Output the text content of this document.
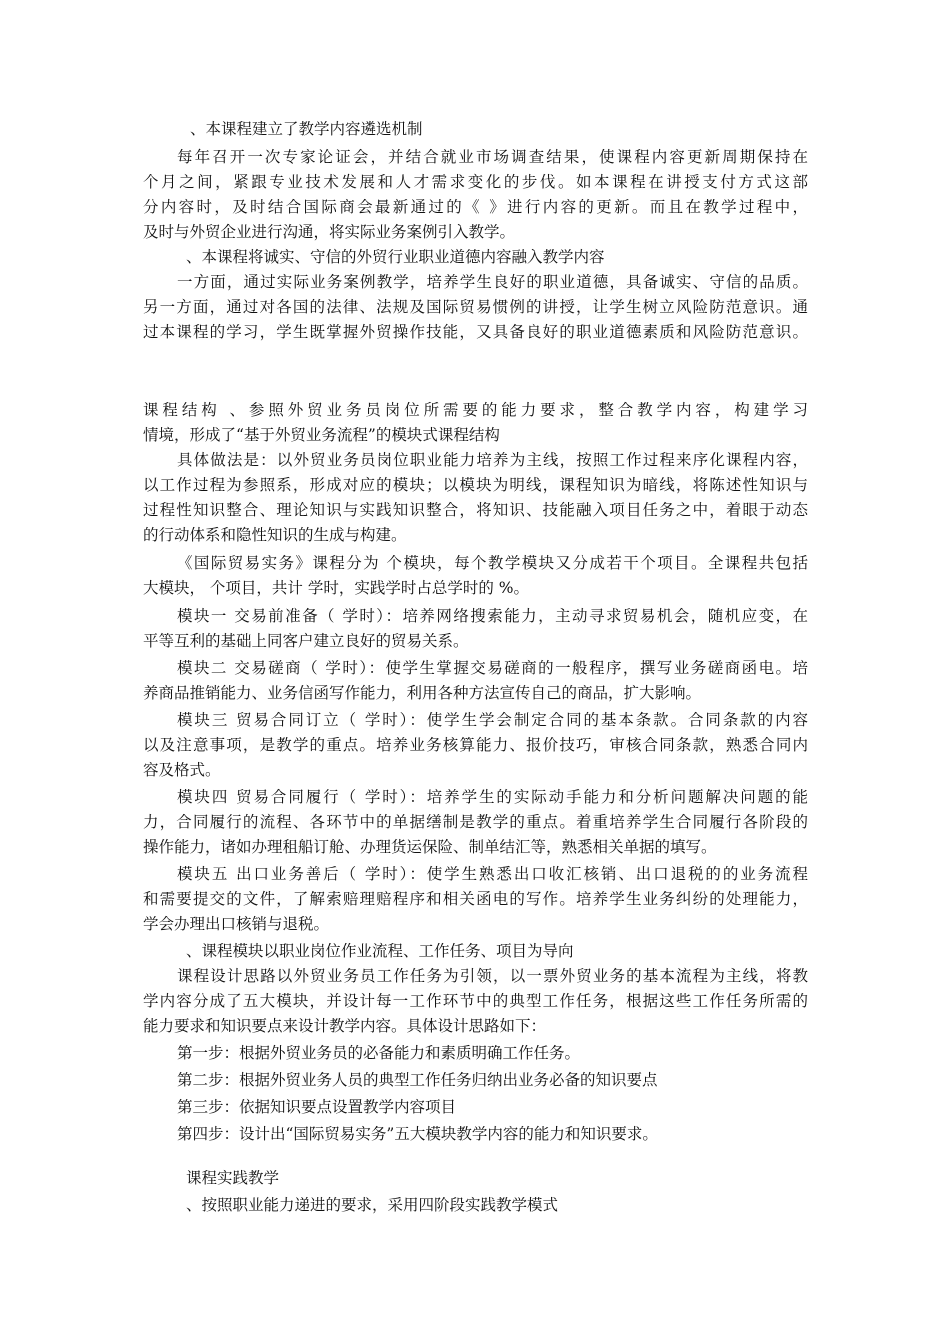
、本课程建立了教学内容遴选机制
每年召开一次专家论证会，并结合就业市场调查结果，使课程内容更新周期保持在
个月之间，紧跟专业技术发展和人才需求变化的步伐。如本课程在讲授支付方式这部
分内容时，及时结合国际商会最新通过的《 》进行内容的更新。而且在教学过程中，
及时与外贸企业进行沟通，将实际业务案例引入教学。
、本课程将诚实、守信的外贸行业职业道德内容融入教学内容
一方面，通过实际业务案例教学，培养学生良好的职业道德，具备诚实、守信的品质。
另一方面，通过对各国的法律、法规及国际贸易惯例的讲授，让学生树立风险防范意识。通
过本课程的学习，学生既掌握外贸操作技能，又具备良好的职业道德素质和风险防范意识。
课程结构 、参照外贸业务员岗位所需要的能力要求，整合教学内容，构建学习
情境，形成了“基于外贸业务流程”的模块式课程结构
具体做法是：以外贸业务员岗位职业能力培养为主线，按照工作过程来序化课程内容，
以工作过程为参照系，形成对应的模块；以模块为明线，课程知识为暗线，将陈述性知识与
过程性知识整合、理论知识与实践知识整合，将知识、技能融入项目任务之中，着眼于动态
的行动体系和隐性知识的生成与构建。
《国际贸易实务》课程分为 个模块，每个教学模块又分成若干个项目。全课程共包括
大模块， 个项目，共计 学时，实践学时占总学时的 %。
模块一 交易前准备（ 学时）：培养网络搜索能力，主动寻求贸易机会，随机应变，在
平等互利的基础上同客户建立良好的贸易关系。
模块二 交易磋商（ 学时）：使学生掌握交易磋商的一般程序，撰写业务磋商函电。培
养商品推销能力、业务信函写作能力，利用各种方法宣传自己的商品，扩大影响。
模块三 贸易合同订立（ 学时）：使学生学会制定合同的基本条款。合同条款的内容
以及注意事项，是教学的重点。培养业务核算能力、报价技巧，审核合同条款，熟悉合同内
容及格式。
模块四 贸易合同履行（ 学时）：培养学生的实际动手能力和分析问题解决问题的能
力，合同履行的流程、各环节中的单据缮制是教学的重点。着重培养学生合同履行各阶段的
操作能力，诸如办理租船订舱、办理货运保险、制单结汇等，熟悉相关单据的填写。
模块五 出口业务善后（ 学时）：使学生熟悉出口收汇核销、出口退税的的业务流程
和需要提交的文件，了解索赔理赔程序和相关函电的写作。培养学生业务纠纷的处理能力，
学会办理出口核销与退税。
、课程模块以职业岗位作业流程、工作任务、项目为导向
课程设计思路以外贸业务员工作任务为引领，以一票外贸业务的基本流程为主线，将教
学内容分成了五大模块，并设计每一工作环节中的典型工作任务，根据这些工作任务所需的
能力要求和知识要点来设计教学内容。具体设计思路如下：
第一步：根据外贸业务员的必备能力和素质明确工作任务。
第二步：根据外贸业务人员的典型工作任务归纳出业务必备的知识要点
第三步：依据知识要点设置教学内容项目
第四步：设计出“国际贸易实务”五大模块教学内容的能力和知识要求。
课程实践教学
、按照职业能力递进的要求，采用四阶段实践教学模式
